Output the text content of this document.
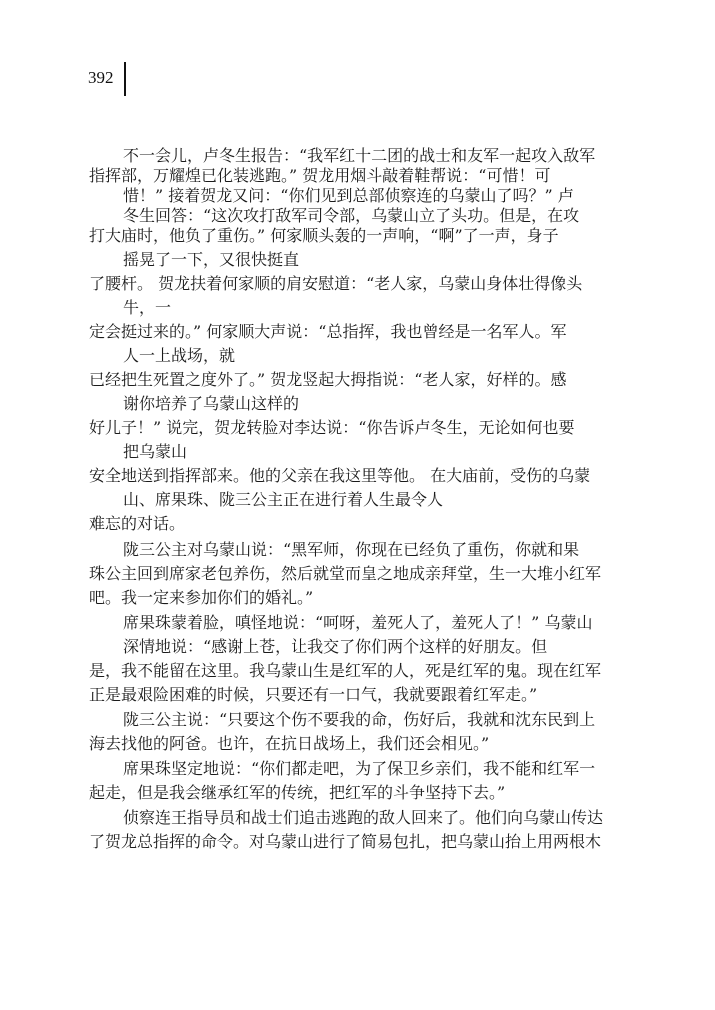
392
不一会儿，卢冬生报告：“我军红十二团的战士和友军一起攻入敌军
指挥部，万耀煌已化装逃跑。” 贺龙用烟斗敲着鞋帮说：“可惜！可
惜！” 接着贺龙又问：“你们见到总部侦察连的乌蒙山了吗？” 卢
冬生回答：“这次攻打敌军司令部，乌蒙山立了头功。但是，在攻
打大庙时，他负了重伤。” 何家顺头轰的一声响，“啊”了一声，身子
摇晃了一下，又很快挺直
了腰杆。 贺龙扶着何家顺的肩安慰道：“老人家，乌蒙山身体壮得像头
牛，一
定会挺过来的。” 何家顺大声说：“总指挥，我也曾经是一名军人。军
人一上战场，就
已经把生死置之度外了。” 贺龙竖起大拇指说：“老人家，好样的。感
谢你培养了乌蒙山这样的
好儿子！” 说完，贺龙转脸对李达说：“你告诉卢冬生，无论如何也要
把乌蒙山
安全地送到指挥部来。他的父亲在我这里等他。 在大庙前，受伤的乌蒙
山、席果珠、陇三公主正在进行着人生最令人
难忘的对话。
陇三公主对乌蒙山说：“黑军师，你现在已经负了重伤，你就和果
珠公主回到席家老包养伤，然后就堂而皇之地成亲拜堂，生一大堆小红军
吧。我一定来参加你们的婚礼。”
席果珠蒙着脸，嗔怪地说：“呵呀，羞死人了，羞死人了！” 乌蒙山
深情地说：“感谢上苍，让我交了你们两个这样的好朋友。但
是，我不能留在这里。我乌蒙山生是红军的人，死是红军的鬼。现在红军
正是最艰险困难的时候，只要还有一口气，我就要跟着红军走。”
陇三公主说：“只要这个伤不要我的命，伤好后，我就和沈东民到上
海去找他的阿爸。也许，在抗日战场上，我们还会相见。”
席果珠坚定地说：“你们都走吧，为了保卫乡亲们，我不能和红军一
起走，但是我会继承红军的传统，把红军的斗争坚持下去。”
侦察连王指导员和战士们追击逃跑的敌人回来了。他们向乌蒙山传达
了贺龙总指挥的命令。对乌蒙山进行了简易包扎，把乌蒙山抬上用两根木
